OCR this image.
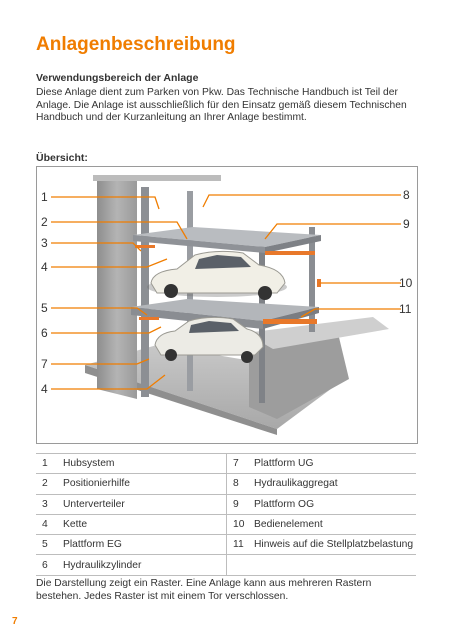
Anlagenbeschreibung
Verwendungsbereich der Anlage
Diese Anlage dient zum Parken von Pkw. Das Technische Handbuch ist Teil der Anlage. Die Anlage ist ausschließlich für den Einsatz gemäß diesem Technischen Handbuch und der Kurzanleitung an Ihrer Anlage bestimmt.
Übersicht:
1
2
3
4
5
6
7
4
8
9
10
11
1	Hubsystem	7	Plattform UG
2	Positionierhilfe	8	Hydraulikaggregat
3	Unterverteiler	9	Plattform OG
4	Kette	10	Bedienelement
5	Plattform EG	11	Hinweis auf die Stellplatzbelastung
6	Hydraulikzylinder		
Die Darstellung zeigt ein Raster. Eine Anlage kann aus mehreren Rastern bestehen. Jedes Raster ist mit einem Tor verschlossen.
7
